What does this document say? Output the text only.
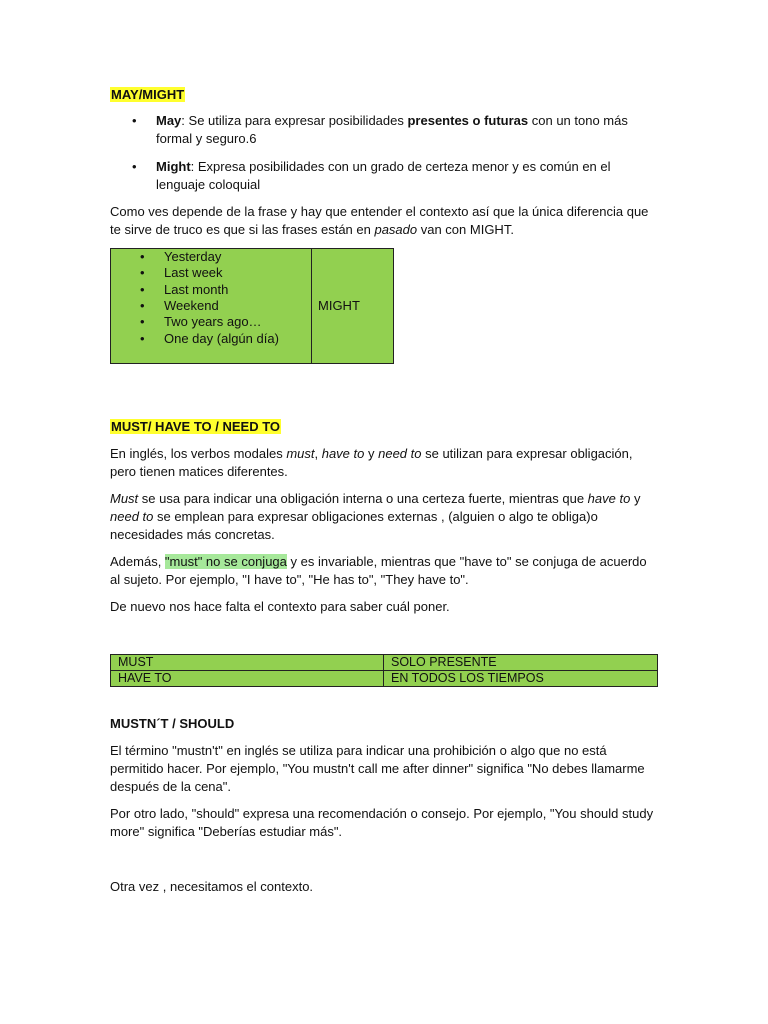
MAY/MIGHT
• May: Se utiliza para expresar posibilidades presentes o futuras con un tono más formal y seguro.6
• Might: Expresa posibilidades con un grado de certeza menor y es común en el lenguaje coloquial

Como ves depende de la frase y hay que entender el contexto así que la única diferencia que te sirve de truco es que si las frases están en pasado van con MIGHT.

• Yesterday
• Last week
• Last month
• Weekend
• Two years ago…
• One day (algún día)
	MIGHT
MUST/ HAVE TO / NEED TO

En inglés, los verbos modales must, have to y need to se utilizan para expresar obligación, pero tienen matices diferentes.

Must se usa para indicar una obligación interna o una certeza fuerte, mientras que have to y need to se emplean para expresar obligaciones externas , (alguien o algo te obliga)o necesidades más concretas.

Además, "must" no se conjuga y es invariable, mientras que "have to" se conjuga de acuerdo al sujeto. Por ejemplo, "I have to", "He has to", "They have to".

De nuevo nos hace falta el contexto para saber cuál poner.

MUST	SOLO PRESENTE
HAVE TO	EN TODOS LOS TIEMPOS
MUSTN´T / SHOULD

El término "mustn't" en inglés se utiliza para indicar una prohibición o algo que no está permitido hacer. Por ejemplo, "You mustn't call me after dinner" significa "No debes llamarme después de la cena".

Por otro lado, "should" expresa una recomendación o consejo. Por ejemplo, "You should study more" significa "Deberías estudiar más".

Otra vez , necesitamos el contexto.
